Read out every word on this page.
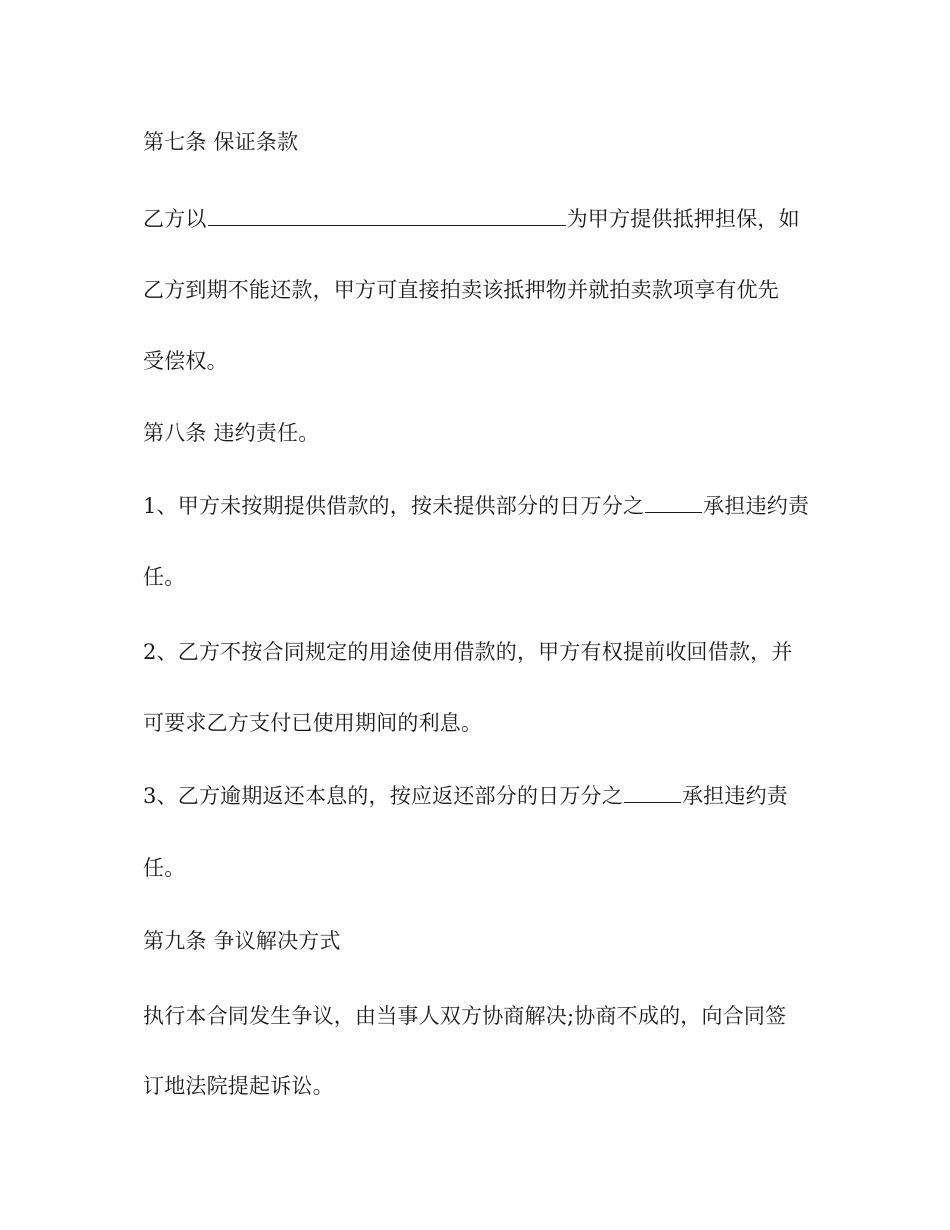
第七条 保证条款

乙方以	为甲方提供抵押担保，如

乙方到期不能还款，甲方可直接拍卖该抵押物并就拍卖款项享有优先

受偿权。

第八条 违约责任。

1、甲方未按期提供借款的，按未提供部分的日万分之	承担违约责

任。

2、乙方不按合同规定的用途使用借款的，甲方有权提前收回借款，并

可要求乙方支付已使用期间的利息。

3、乙方逾期返还本息的，按应返还部分的日万分之	承担违约责

任。

第九条 争议解决方式

执行本合同发生争议，由当事人双方协商解决;协商不成的，向合同签

订地法院提起诉讼。
